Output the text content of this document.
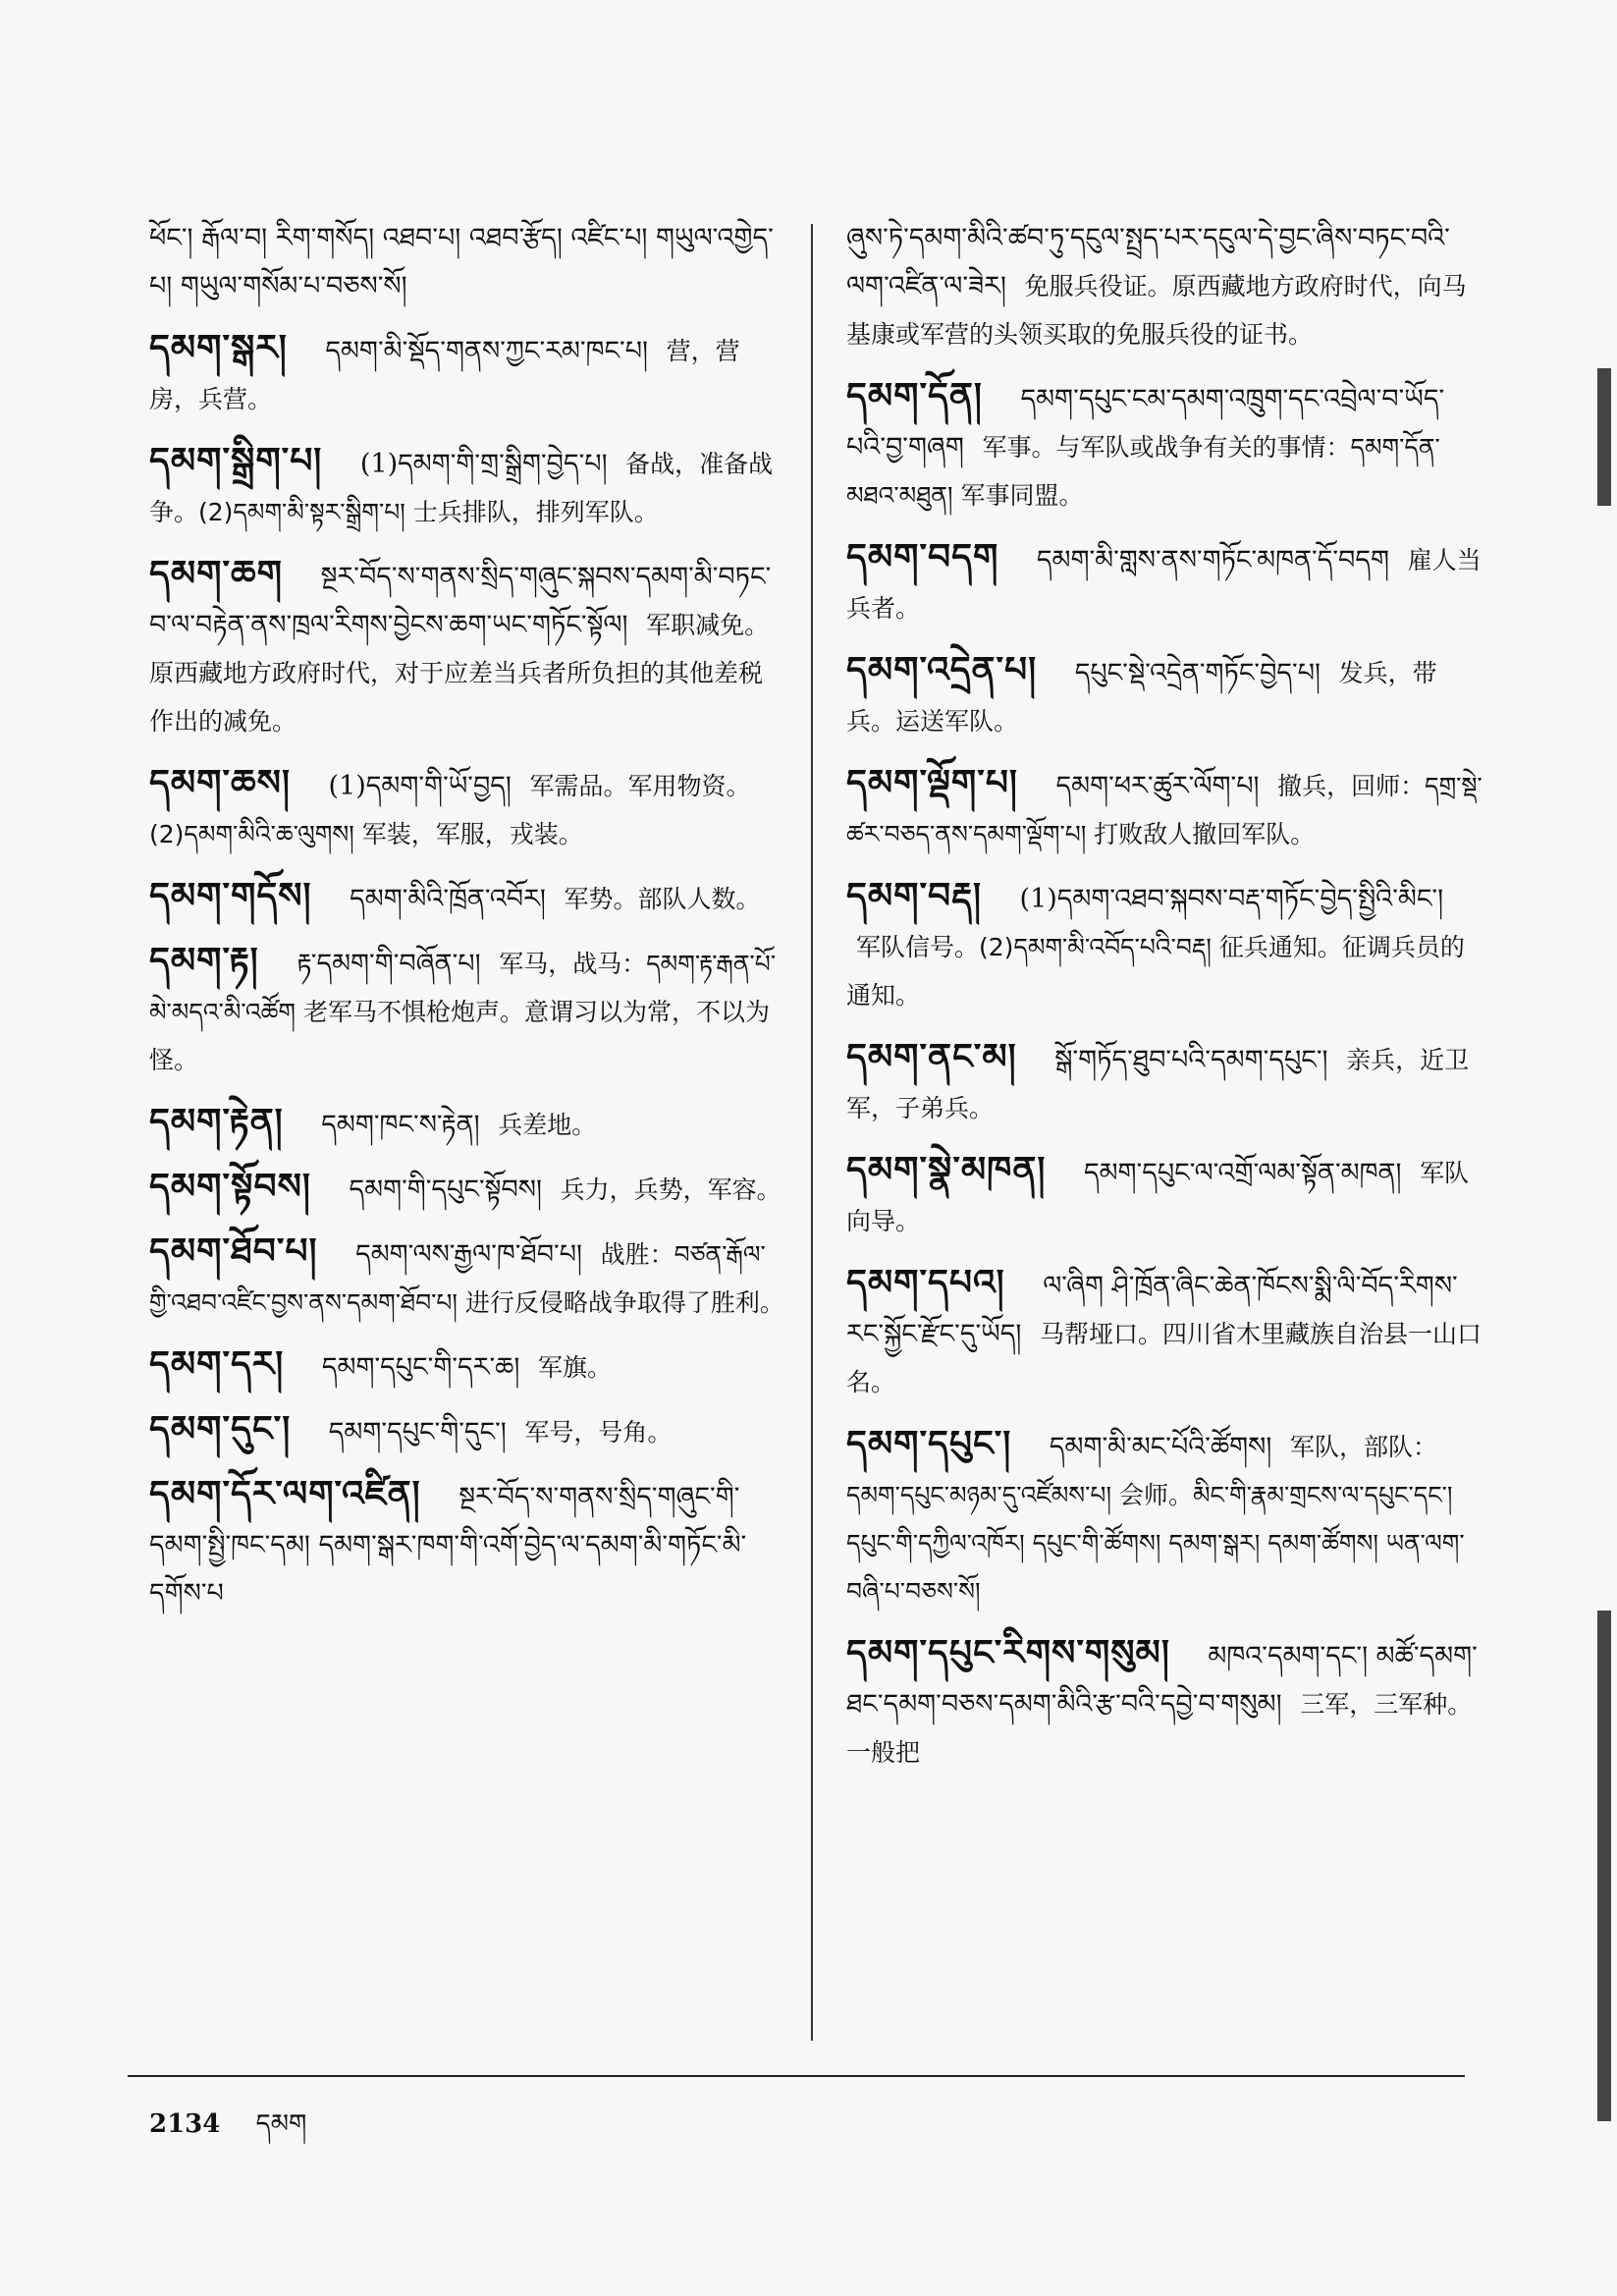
ཕོང་། རྒོལ་བ། རིག་གསོད། འཐབ་པ། འཐབ་རྩོད། འཛིང་པ། གཡུལ་འགྱེད་པ། གཡུལ་གསོམ་པ་བཅས་སོ།

དམག་སྒར། དམག་མི་སྡོད་གནས་ཀྱང་རམ་ཁང་པ། 营，营房，兵营。

དམག་སྒྲིག་པ། (1)དམག་གི་གྲ་སྒྲིག་བྱེད་པ། 备战，准备战争。(2)དམག་མི་སྟར་སྒྲིག་པ། 士兵排队，排列军队。

དམག་ཆག སྔར་བོད་ས་གནས་སྲིད་གཞུང་སྐབས་དམག་མི་བཏང་བ་ལ་བརྟེན་ནས་ཁྲལ་རིགས་བྱེངས་ཆག་ཡང་གཏོང་སྟོལ། 军职减免。原西藏地方政府时代，对于应差当兵者所负担的其他差税作出的减免。

དམག་ཆས། (1)དམག་གི་ཡོ་བྱད། 军需品。军用物资。(2)དམག་མིའི་ཆ་ལུགས། 军装，军服，戎装。

དམག་གདོས། དམག་མིའི་ཁྲོན་འབོར། 军势。部队人数。

དམག་རྟ། རྟ་དམག་གི་བཞོན་པ། 军马，战马：དམག་རྟ་རྒན་པོ་མེ་མདའ་མི་འཚོག 老军马不惧枪炮声。意谓习以为常，不以为怪。

དམག་རྟེན། དམག་ཁང་ས་རྟེན། 兵差地。

དམག་སྟོབས། དམག་གི་དཔུང་སྟོབས། 兵力，兵势，军容。

དམག་ཐོབ་པ། དམག་ལས་རྒྱལ་ཁ་ཐོབ་པ། 战胜：བཙན་རྒོལ་གྱི་འཐབ་འཛིང་བྱས་ནས་དམག་ཐོབ་པ། 进行反侵略战争取得了胜利。

དམག་དར། དམག་དཔུང་གི་དར་ཆ། 军旗。

དམག་དུང་། དམག་དཔུང་གི་དུང་། 军号，号角。

དམག་དོར་ལག་འཛིན། སྔར་བོད་ས་གནས་སྲིད་གཞུང་གི་དམག་སྤྱི་ཁང་དམ། དམག་སྒར་ཁག་གི་འགོ་བྱེད་ལ་དམག་མི་གཏོང་མི་དགོས་པ

ཞུས་ཏེ་དམག་མིའི་ཚབ་ཏུ་དངུལ་སྤྲད་པར་དངུལ་དེ་བྱང་ཞིས་བཏང་བའི་ལག་འཛིན་ལ་ཟེར། 免服兵役证。原西藏地方政府时代，向马基康或军营的头领买取的免服兵役的证书。

དམག་དོན། དམག་དཔུང་ངམ་དམག་འཁྲུག་དང་འབྲེལ་བ་ཡོད་པའི་བྱ་གཞག 军事。与军队或战争有关的事情：དམག་དོན་མཐའ་མཐུན། 军事同盟。

དམག་བདག དམག་མི་གླས་ནས་གཏོང་མཁན་དོ་བདག 雇人当兵者。

དམག་འདྲེན་པ། དཔུང་སྡེ་འདྲེན་གཏོང་བྱེད་པ། 发兵，带兵。运送军队。

དམག་ལྡོག་པ། དམག་ཕར་ཚུར་ལོག་པ། 撤兵，回师：དགྲ་སྡེ་ཚར་བཅད་ནས་དམག་ལྡོག་པ། 打败敌人撤回军队。

དམག་བརྡ། (1)དམག་འཐབ་སྐབས་བརྡ་གཏོང་བྱེད་སྤྱིའི་མིང་། 军队信号。(2)དམག་མི་འབོད་པའི་བརྡ། 征兵通知。征调兵员的通知。

དམག་ནང་མ། སྒོ་གཏོད་ཐུབ་པའི་དམག་དཔུང་། 亲兵，近卫军，子弟兵。

དམག་སྣེ་མཁན། དམག་དཔུང་ལ་འགྲོ་ལམ་སྟོན་མཁན། 军队向导。

དམག་དཔའ། ལ་ཞིག ཤི་ཁྲོན་ཞིང་ཆེན་ཁོངས་སྨི་ལི་བོད་རིགས་རང་སྐྱོང་རྫོང་དུ་ཡོད། 马帮垭口。四川省木里藏族自治县一山口名。

དམག་དཔུང་། དམག་མི་མང་པོའི་ཚོགས། 军队，部队：དམག་དཔུང་མཉམ་དུ་འཛོམས་པ། 会师。མིང་གི་རྣམ་གྲངས་ལ་དཔུང་དང་། དཔུང་གི་དཀྱིལ་འཁོར། དཔུང་གི་ཚོགས། དམག་སྒར། དམག་ཚོགས། ཡན་ལག་བཞི་པ་བཅས་སོ།

དམག་དཔུང་རིགས་གསུམ། མཁའ་དམག་དང་། མཚོ་དམག་ཐང་དམག་བཅས་དམག་མིའི་རྩ་བའི་དབྱེ་བ་གསུམ། 三军，三军种。一般把

2134 དམག
